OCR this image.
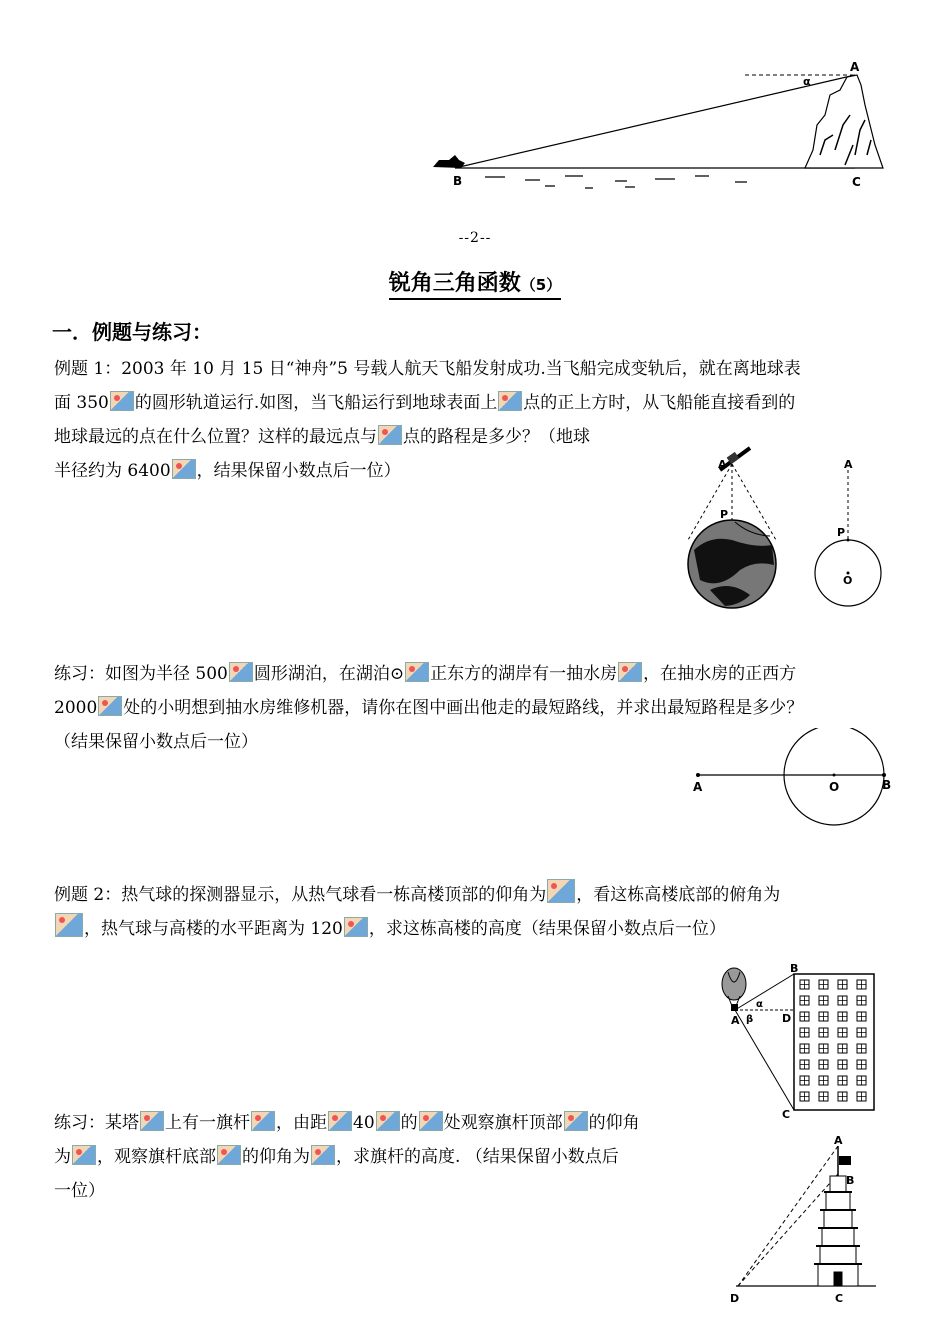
A
α
B	C
--2--
锐角三角函数（5）
一．例题与练习：
例题 1：2003 年 10 月 15 日“神舟”5 号载人航天飞船发射成功.当飞船完成变轨后，就在离地球表
面 350 的圆形轨道运行.如图，当飞船运行到地球表面上 点的正上方时，从飞船能直接看到的
地球最远的点在什么位置？这样的最远点与 点的路程是多少？（地球
半径约为 6400 ，结果保留小数点后一位）	A
P
A
P
O
练习：如图为半径 500 圆形湖泊，在湖泊⊙ 正东方的湖岸有一抽水房 ，在抽水房的正西方
2000 处的小明想到抽水房维修机器，请你在图中画出他走的最短路线，并求出最短路程是多少？
（结果保留小数点后一位）
A	O	B
例题 2：热气球的探测器显示，从热气球看一栋高楼顶部的仰角为 ，看这栋高楼底部的俯角为
，热气球与高楼的水平距离为 120 ，求这栋高楼的高度（结果保留小数点后一位）
A
B
C
D
α
β
练习：某塔 上有一旗杆 ，由距 40 的 处观察旗杆顶部 的仰角
为 ，观察旗杆底部 的仰角为 ，求旗杆的高度. （结果保留小数点后
一位）
A
B
C
D
